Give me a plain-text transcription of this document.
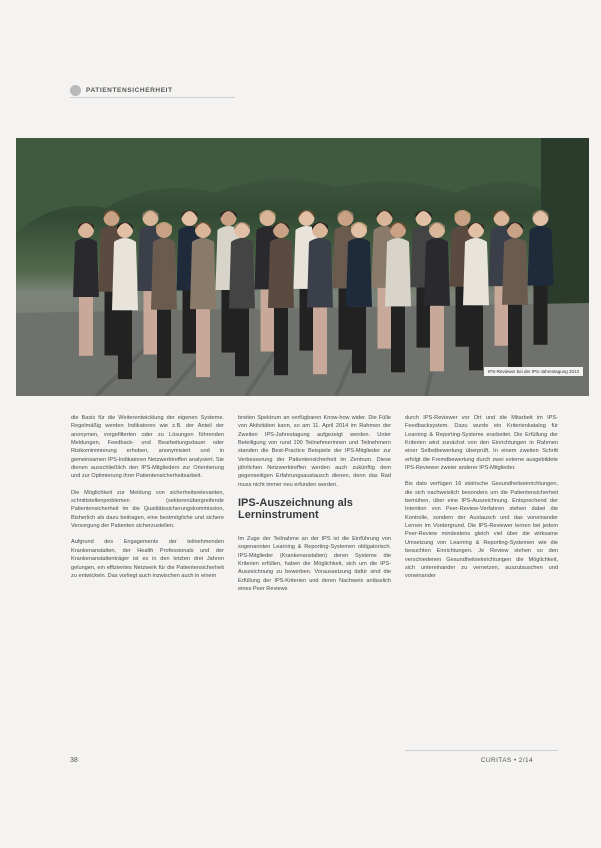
PATIENTENSICHERHEIT
IPS-Reviewer bei der IPS-Jahrestagung 2013

die Basis für die Weiterentwicklung der eigenen Systeme. Regelmäßig werden Indikatoren wie z.B. der Anteil der anonymen, vorgefilterten oder zu Lösungen führenden Meldungen, Feedback- und Bearbeitungsdauer oder Risikominimierung erhoben, anonymisiert und in gemeinsamen IPS-Indikatoren Netzwerktreffen analysiert. Sie dienen ausschließlich den IPS-Mitgliedern zur Orientierung und zur Optimierung ihrer Patientensicherheitsarbeit.

Die Möglichkeit zur Meldung von sicherheitsrelevanten, schnittstellenproblemen (sektorenübergreifende Patientensicherheit im die Qualitätssicherungskommission, Bisherlich als dazu beitragen, eine bestmögliche und sichere Versorgung der Patienten sicherzustellen.

Aufgrund des Engagements der teilnehmenden Krankenanstalten, der Health Professionals und der Krankenanstaltenträger ist es in den letzten drei Jahren gelungen, ein effizientes Netzwerk für die Patientensicherheit zu entwickeln. Das vorliegt auch inzwischen auch in einem

breiten Spektrum an verfügbaren Know-how wider. Die Fülle von Aktivitäten kann, so am 11. April 2014 im Rahmen der Zweiten IPS-Jahrestagung aufgezeigt werden. Unter Beteiligung von rund 100 Teilnehmerinnen und Teilnehmern standen die Best-Practice Beispiele der IPS-Mitglieder zur Verbesserung der Patientensicherheit im Zentrum. Diese jährlichen Netzwerktreffen werden auch zukünftig dem gegenseitigen Erfahrungsaustausch dienen, denn das Rad muss nicht immer neu erfunden werden.

IPS-Auszeichnung als Lerninstrument

Im Zuge der Teilnahme an der IPS ist die Einführung von sogenannten Learning & Reporting-Systemen obligatorisch. IPS-Mitglieder (Krankenanstalten) deren Systeme die Kriterien erfüllen, haben die Möglichkeit, sich um die IPS-Auszeichnung zu bewerben. Voraussetzung dafür sind die Erfüllung der IPS-Kriterien und deren Nachweis anlässlich eines Peer Reviews

durch IPS-Reviewer vor Ort und die Mitarbeit im IPS-Feedbacksystem. Dazu wurde ein Kriterienkatalog für Learning & Reporting-Systeme erarbeitet. Die Erfüllung der Kriterien wird zunächst von den Einrichtungen in Rahmen einer Selbstbewertung überprüft. In einem zweiten Schritt erfolgt die Fremdbewertung durch zwei externe ausgebildete IPS-Reviewer zweier anderer IPS-Mitglieder.

Bis dato verfügen 16 steirische Gesundheitseinrichtungen, die sich nachweislich besonders um die Patientensicherheit bemühen, über eine IPS-Auszeichnung. Entsprechend der Intention von Peer-Review-Verfahren stehen dabei die Kontrolle, sondern der Austausch und das voneinander Lernen im Vordergrund. Die IPS-Reviewer lernen bei jedem Peer-Review mindestens gleich viel über die wirksame Umsetzung von Learning & Reporting-Systemen wie die besuchten Einrichtungen. Je Review stehen so den verschiedenen Gesundheitseinrichtungen die Möglichkeit, sich untereinander zu vernetzen, auszutauschen und voneinander

38	CURITAS • 2/14
